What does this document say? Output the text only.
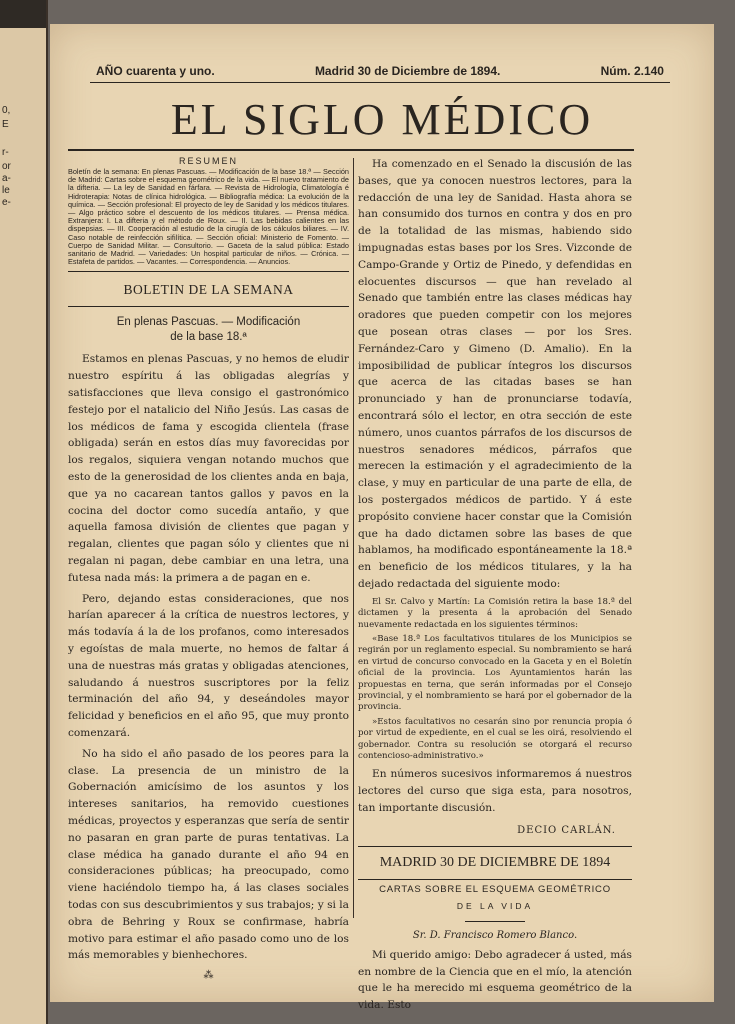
0,
E
r-
or
a-
le
e-
AÑO cuarenta y uno.	Madrid 30 de Diciembre de 1894.	Núm. 2.140
EL SIGLO MÉDICO
RESUMEN
Boletín de la semana: En plenas Pascuas. — Modificación de la base 18.ª — Sección de Madrid: Cartas sobre el esquema geométrico de la vida. — El nuevo tratamiento de la difteria. — La ley de Sanidad en fárfara. — Revista de Hidrología, Climatología é Hidroterapia: Notas de clínica hidrológica. — Bibliografía médica: La evolución de la química. — Sección profesional: El proyecto de ley de Sanidad y los médicos titulares. — Algo práctico sobre el descuento de los médicos titulares. — Prensa médica. Extranjera: I. La difteria y el método de Roux. — II. Las bebidas calientes en las dispepsias. — III. Cooperación al estudio de la cirugía de los cálculos biliares. — IV. Caso notable de reinfección sifilítica. — Sección oficial: Ministerio de Fomento. — Cuerpo de Sanidad Militar. — Consultorio. — Gaceta de la salud pública: Estado sanitario de Madrid. — Variedades: Un hospital particular de niños. — Crónica. — Estafeta de partidos. — Vacantes. — Correspondencia. — Anuncios.
BOLETIN DE LA SEMANA
En plenas Pascuas. — Modificación
de la base 18.ª

Estamos en plenas Pascuas, y no hemos de eludir nuestro espíritu á las obligadas alegrías y satisfacciones que lleva consigo el gastronómico festejo por el natalicio del Niño Jesús. Las casas de los médicos de fama y escogida clientela (frase obligada) serán en estos días muy favorecidas por los regalos, siquiera vengan notando muchos que esto de la generosidad de los clientes anda en baja, que ya no cacarean tantos gallos y pavos en la cocina del doctor como sucedía antaño, y que aquella famosa división de clientes que pagan y regalan, clientes que pagan sólo y clientes que ni regalan ni pagan, debe cambiar en una letra, una futesa nada más: la primera a de pagan en e.

Pero, dejando estas consideraciones, que nos harían aparecer á la crítica de nuestros lectores, y más todavía á la de los profanos, como interesados y egoístas de mala muerte, no hemos de faltar á una de nuestras más gratas y obligadas atenciones, saludando á nuestros suscriptores por la feliz terminación del año 94, y deseándoles mayor felicidad y beneficios en el año 95, que muy pronto comenzará.

No ha sido el año pasado de los peores para la clase. La presencia de un ministro de la Gobernación amicísimo de los asuntos y los intereses sanitarios, ha removido cuestiones médicas, proyectos y esperanzas que sería de sentir no pasaran en gran parte de puras tentativas. La clase médica ha ganado durante el año 94 en consideraciones públicas; ha preocupado, como viene haciéndolo tiempo ha, á las clases sociales todas con sus descubrimientos y sus trabajos; y si la obra de Behring y Roux se confirmase, habría motivo para estimar el año pasado como uno de los más memorables y bienhechores.

⁂

Ha comenzado en el Senado la discusión de las bases, que ya conocen nuestros lectores, para la redacción de una ley de Sanidad. Hasta ahora se han consumido dos turnos en contra y dos en pro de la totalidad de las mismas, habiendo sido impugnadas estas bases por los Sres. Vizconde de Campo-Grande y Ortiz de Pinedo, y defendidas en elocuentes discursos — que han revelado al Senado que también entre las clases médicas hay oradores que pueden competir con los mejores que posean otras clases — por los Sres. Fernández-Caro y Gimeno (D. Amalio). En la imposibilidad de publicar íntegros los discursos que acerca de las citadas bases se han pronunciado y han de pronunciarse todavía, encontrará sólo el lector, en otra sección de este número, unos cuantos párrafos de los discursos de nuestros senadores médicos, párrafos que merecen la estimación y el agradecimiento de la clase, y muy en particular de una parte de ella, de los postergados médicos de partido. Y á este propósito conviene hacer constar que la Comisión que ha dado dictamen sobre las bases de que hablamos, ha modificado espontáneamente la 18.ª en beneficio de los médicos titulares, y la ha dejado redactada del siguiente modo:

El Sr. Calvo y Martín: La Comisión retira la base 18.ª del dictamen y la presenta á la aprobación del Senado nuevamente redactada en los siguientes términos:

«Base 18.ª Los facultativos titulares de los Municipios se regirán por un reglamento especial. Su nombramiento se hará en virtud de concurso convocado en la Gaceta y en el Boletín oficial de la provincia. Los Ayuntamientos harán las propuestas en terna, que serán informadas por el Consejo provincial, y el nombramiento se hará por el gobernador de la provincia.

»Estos facultativos no cesarán sino por renuncia propia ó por virtud de expediente, en el cual se les oirá, resolviendo el gobernador. Contra su resolución se otorgará el recurso contencioso-administrativo.»

En números sucesivos informaremos á nuestros lectores del curso que siga esta, para nosotros, tan importante discusión.

DECIO CARLÁN.
MADRID 30 DE DICIEMBRE DE 1894
CARTAS SOBRE EL ESQUEMA GEOMÉTRICO
DE LA VIDA
Sr. D. Francisco Romero Blanco.

Mi querido amigo: Debo agradecer á usted, más en nombre de la Ciencia que en el mío, la atención que le ha merecido mi esquema geométrico de la vida. Esto
